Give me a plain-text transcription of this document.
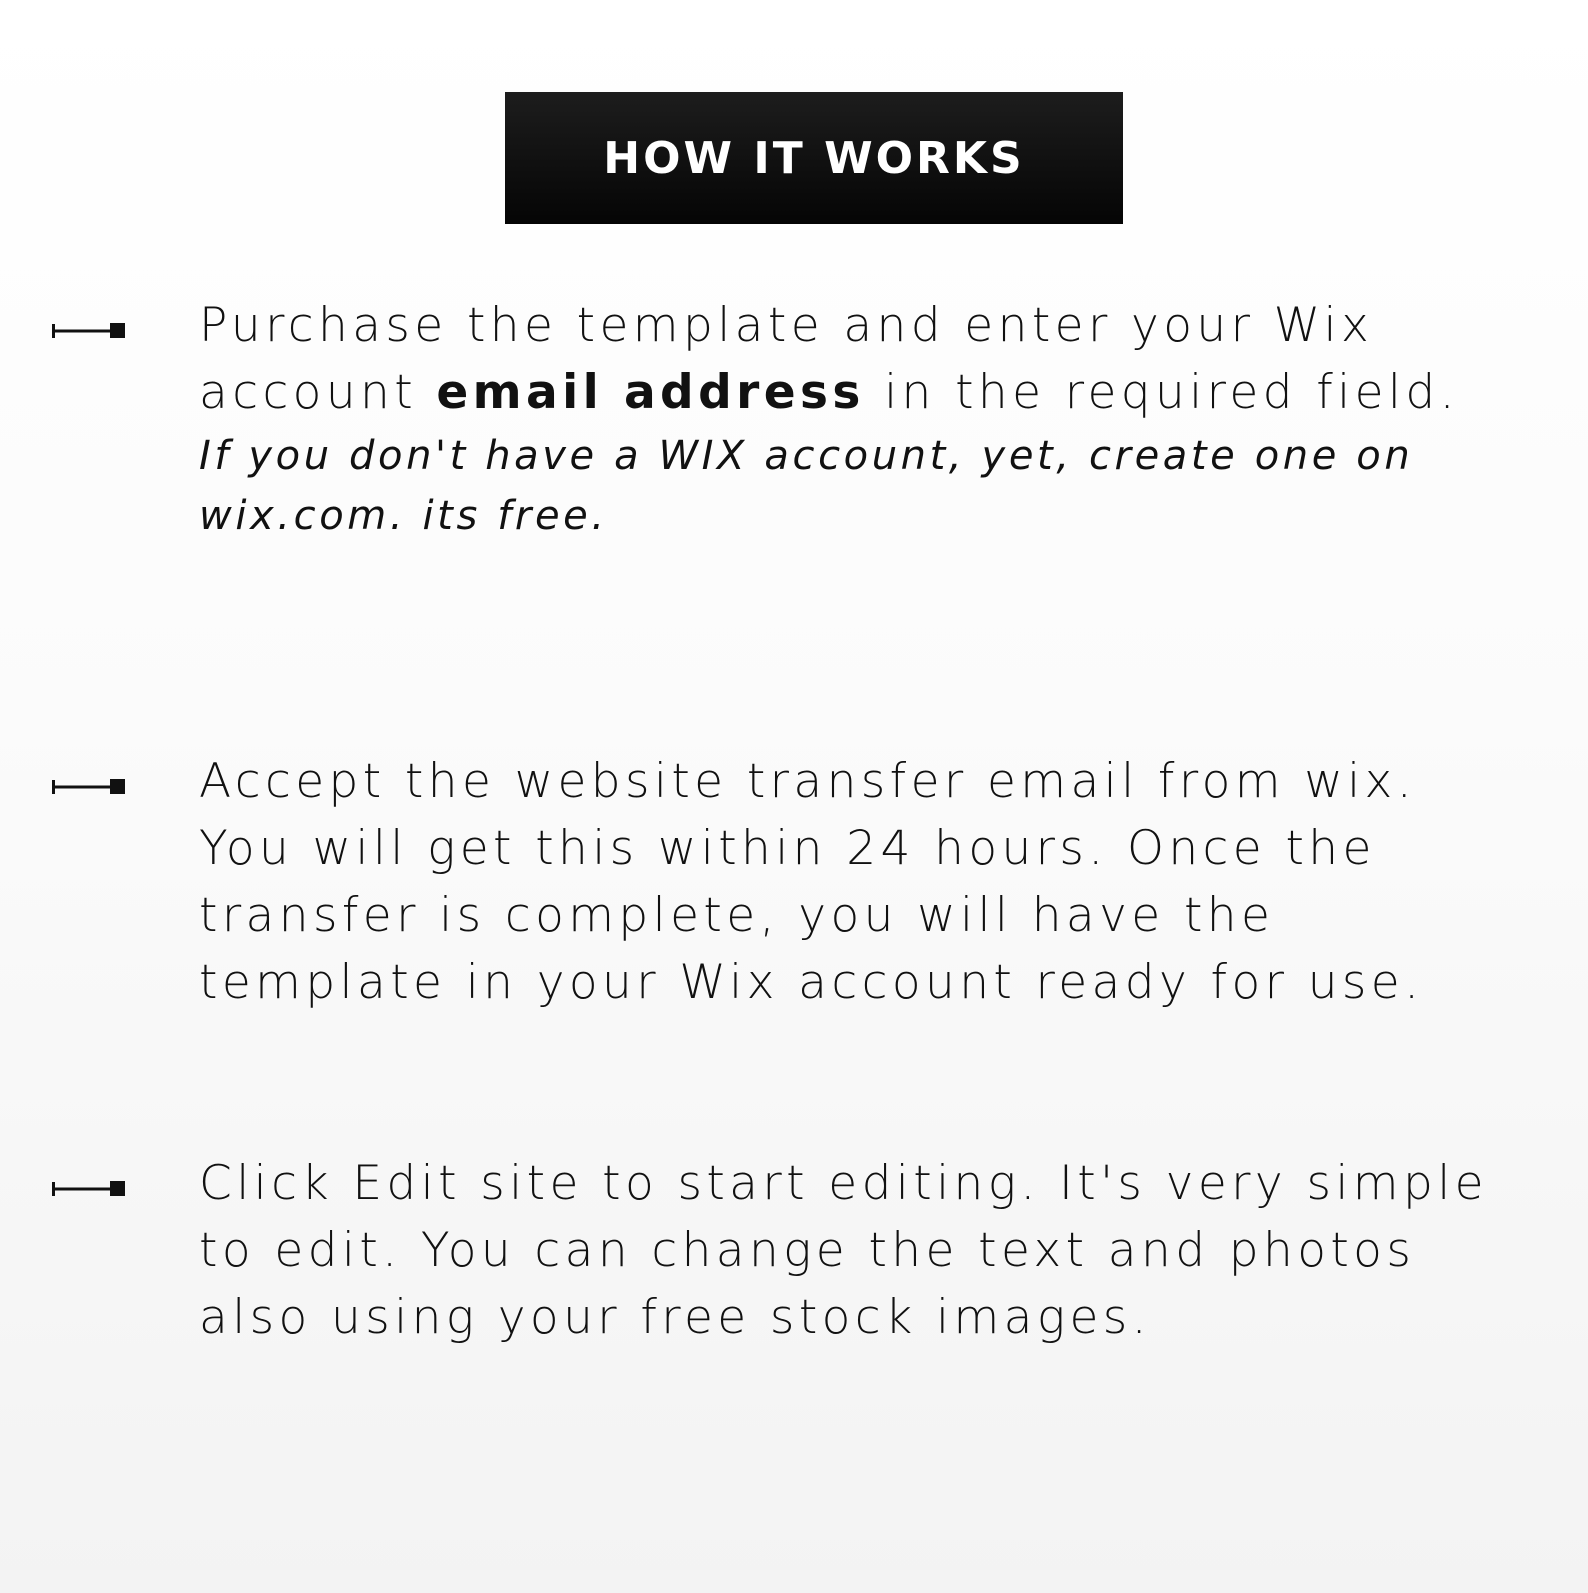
HOW IT WORKS

Purchase the template and enter your Wix account email address in the required field.

If you don't have a WIX account, yet, create one on wix.com. its free.

Accept the website transfer email from wix. You will get this within 24 hours. Once the transfer is complete, you will have the template in your Wix account ready for use.

Click Edit site to start editing. It's very simple to edit. You can change the text and photos also using your free stock images.
